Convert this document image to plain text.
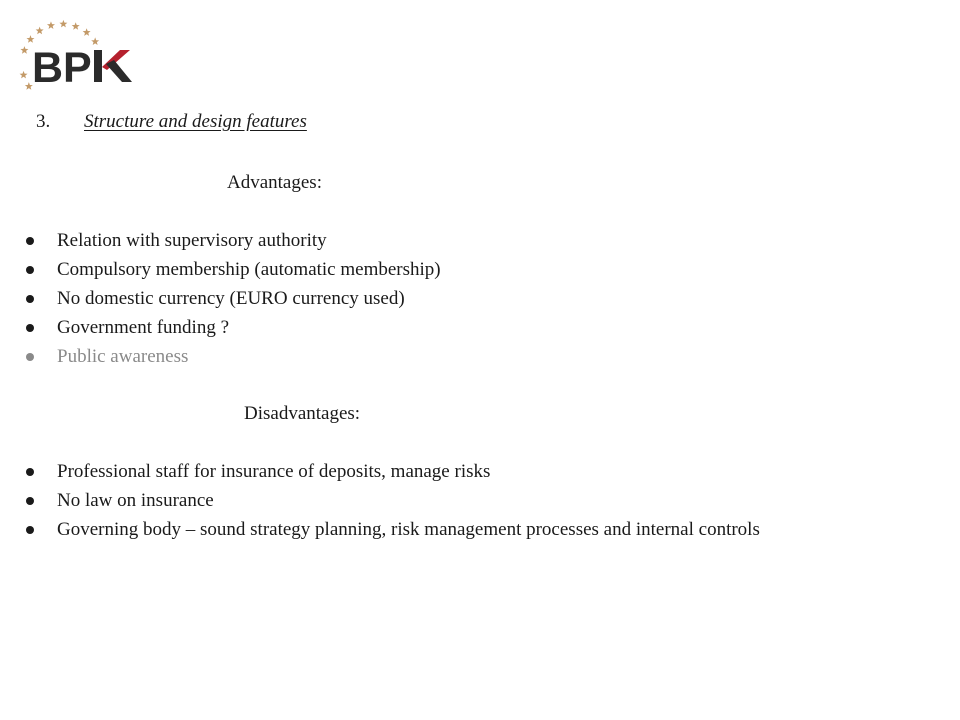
BP
3. Structure and design features
Advantages:
Relation with supervisory authority
Compulsory membership (automatic membership)
No domestic currency (EURO currency used)
Government funding ?
Public awareness
Disadvantages:
Professional staff for insurance of deposits, manage risks
No law on insurance
Governing body – sound strategy planning, risk management processes and internal controls
